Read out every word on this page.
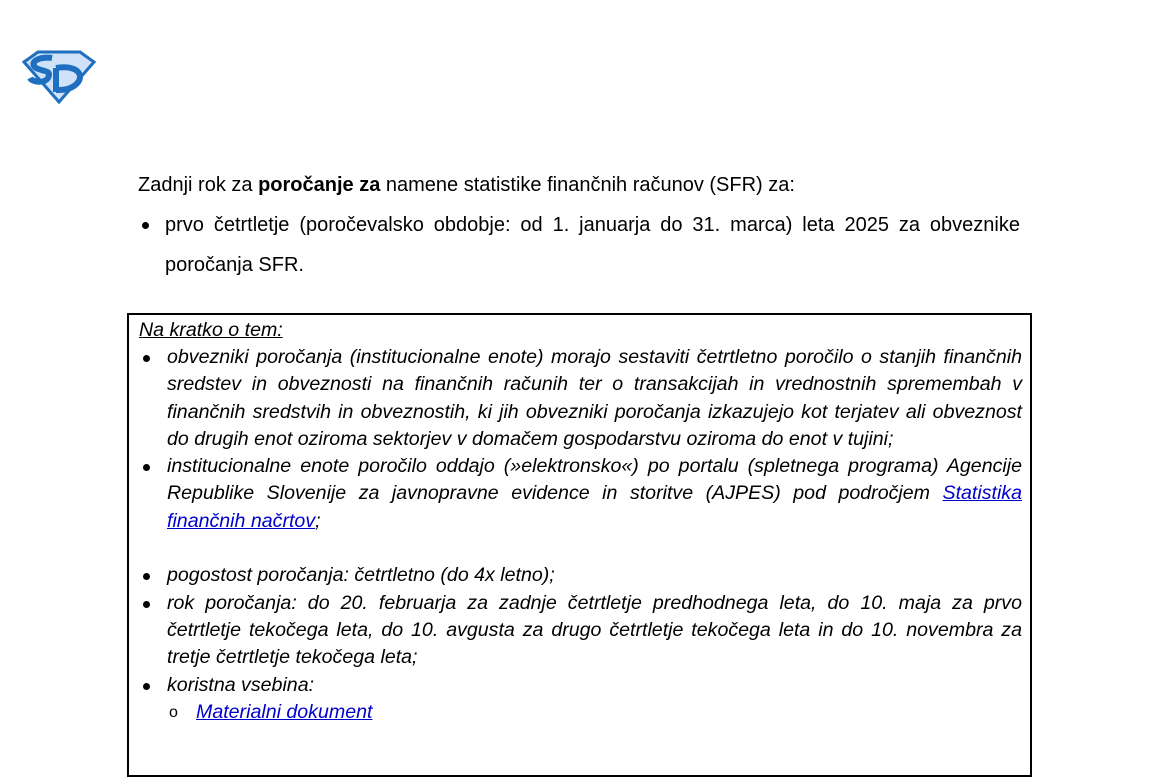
Zadnji rok za poročanje za namene statistike finančnih računov (SFR) za:

prvo četrtletje (poročevalsko obdobje: od 1. januarja do 31. marca) leta 2025 za obveznike poročanja SFR.
Na kratko o tem:
obvezniki poročanja (institucionalne enote) morajo sestaviti četrtletno poročilo o stanjih finančnih sredstev in obveznosti na finančnih računih ter o transakcijah in vrednostnih spremembah v finančnih sredstvih in obveznostih, ki jih obvezniki poročanja izkazujejo kot terjatev ali obveznost do drugih enot oziroma sektorjev v domačem gospodarstvu oziroma do enot v tujini;
institucionalne enote poročilo oddajo (»elektronsko«) po portalu (spletnega programa) Agencije Republike Slovenije za javnopravne evidence in storitve (AJPES) pod področjem Statistika finančnih načrtov;
pogostost poročanja: četrtletno (do 4x letno);
rok poročanja: do 20. februarja za zadnje četrtletje predhodnega leta, do 10. maja za prvo četrtletje tekočega leta, do 10. avgusta za drugo četrtletje tekočega leta in do 10. novembra za tretje četrtletje tekočega leta;
koristna vsebina:
o Materialni dokument
